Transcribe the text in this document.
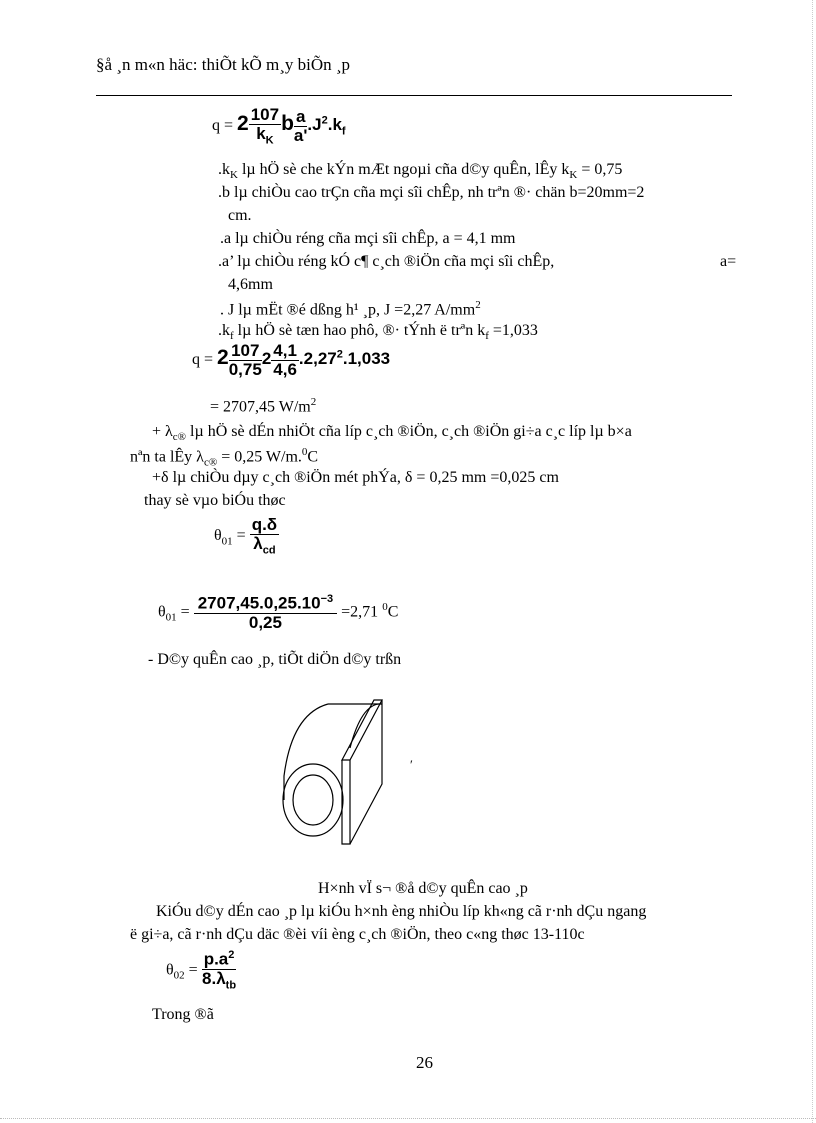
§å ¸n m«n häc: thiÕt kÕ m¸y biÕn ¸p
$q = 2 \frac{107}{k_K}$ b $\frac{a}{a'} .J^2.k_f$
$.k_K$ lµ hÖ sè che kÝn mÆt ngoµi cña d©y quÊn, lÊy $k_K = 0,75$
.b lµ chiÒu cao trÇn cña mçi sîi chÊp, nh trªn ®· chän b=20mm=2
cm.
.a lµ chiÒu réng cña mçi sîi chÊp, a = 4,1 mm
.a’ lµ chiÒu réng kÓ c¶ c¸ch ®iÖn cña mçi sîi chÊp,	a=
4,6mm
. J lµ mËt ®é dßng h¹ ¸p, J =2,27 $A/mm^2$
$.k_f$ lµ hÖ sè tæn hao phô, ®· tÝnh ë trªn $k_f =1,033$
$q = 2 \frac{107}{0,75} 2 \frac{4,1}{4,6} .2,27^2.1,033$
= 2707,45 $W/m^2$
+ $\lambda_{c®}$ lµ hÖ sè dÉn nhiÖt cña líp c¸ch ®iÖn, c¸ch ®iÖn gi÷a c¸c líp lµ b×a
nªn ta lÊy $\lambda_{c®} = 0,25$ W/m.$^0$C
+δ lµ chiÒu dµy c¸ch ®iÖn mét phÝa, δ = 0,25 mm =0,025 cm
thay sè vµo biÓu thøc
$\theta_{01} = \frac{q.\delta}{\lambda_{cd}}$
$\theta_{01} = \frac{2707,45.0,25.10^{-3}}{0,25} =2,71$ $^0$C
- D©y quÊn cao ¸p, tiÕt diÖn d©y trßn
′
H×nh vÏ s¬ ®å d©y quÊn cao ¸p
KiÓu d©y dÉn cao ¸p lµ kiÓu h×nh èng nhiÒu líp kh«ng cã r·nh dÇu ngang
ë gi÷a, cã r·nh dÇu däc ®èi víi èng c¸ch ®iÖn, theo c«ng thøc 13-110c
$\theta_{02} = \frac{p.a^2}{8.\lambda_{tb}}$
Trong ®ã
26
